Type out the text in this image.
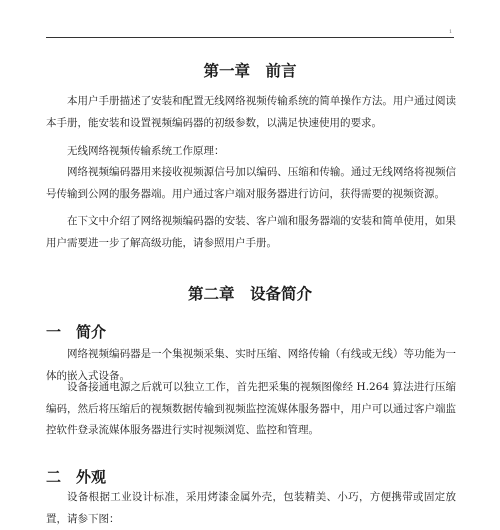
1
第一章　前言

本用户手册描述了安装和配置无线网络视频传输系统的简单操作方法。用户通过阅读本手册，能安装和设置视频编码器的初级参数，以满足快速使用的要求。

无线网络视频传输系统工作原理：

网络视频编码器用来接收视频源信号加以编码、压缩和传输。通过无线网络将视频信号传输到公网的服务器端。用户通过客户端对服务器进行访问，获得需要的视频资源。

在下文中介绍了网络视频编码器的安装、客户端和服务器端的安装和简单使用，如果用户需要进一步了解高级功能，请参照用户手册。

第二章　设备简介
一　简介

网络视频编码器是一个集视频采集、实时压缩、网络传输（有线或无线）等功能为一体的嵌入式设备。

设备接通电源之后就可以独立工作，首先把采集的视频图像经 H.264 算法进行压缩编码，然后将压缩后的视频数据传输到视频监控流媒体服务器中，用户可以通过客户端监控软件登录流媒体服务器进行实时视频浏览、监控和管理。

二　外观

设备根据工业设计标准，采用烤漆金属外壳，包装精美、小巧，方便携带或固定放置，请参下图：
